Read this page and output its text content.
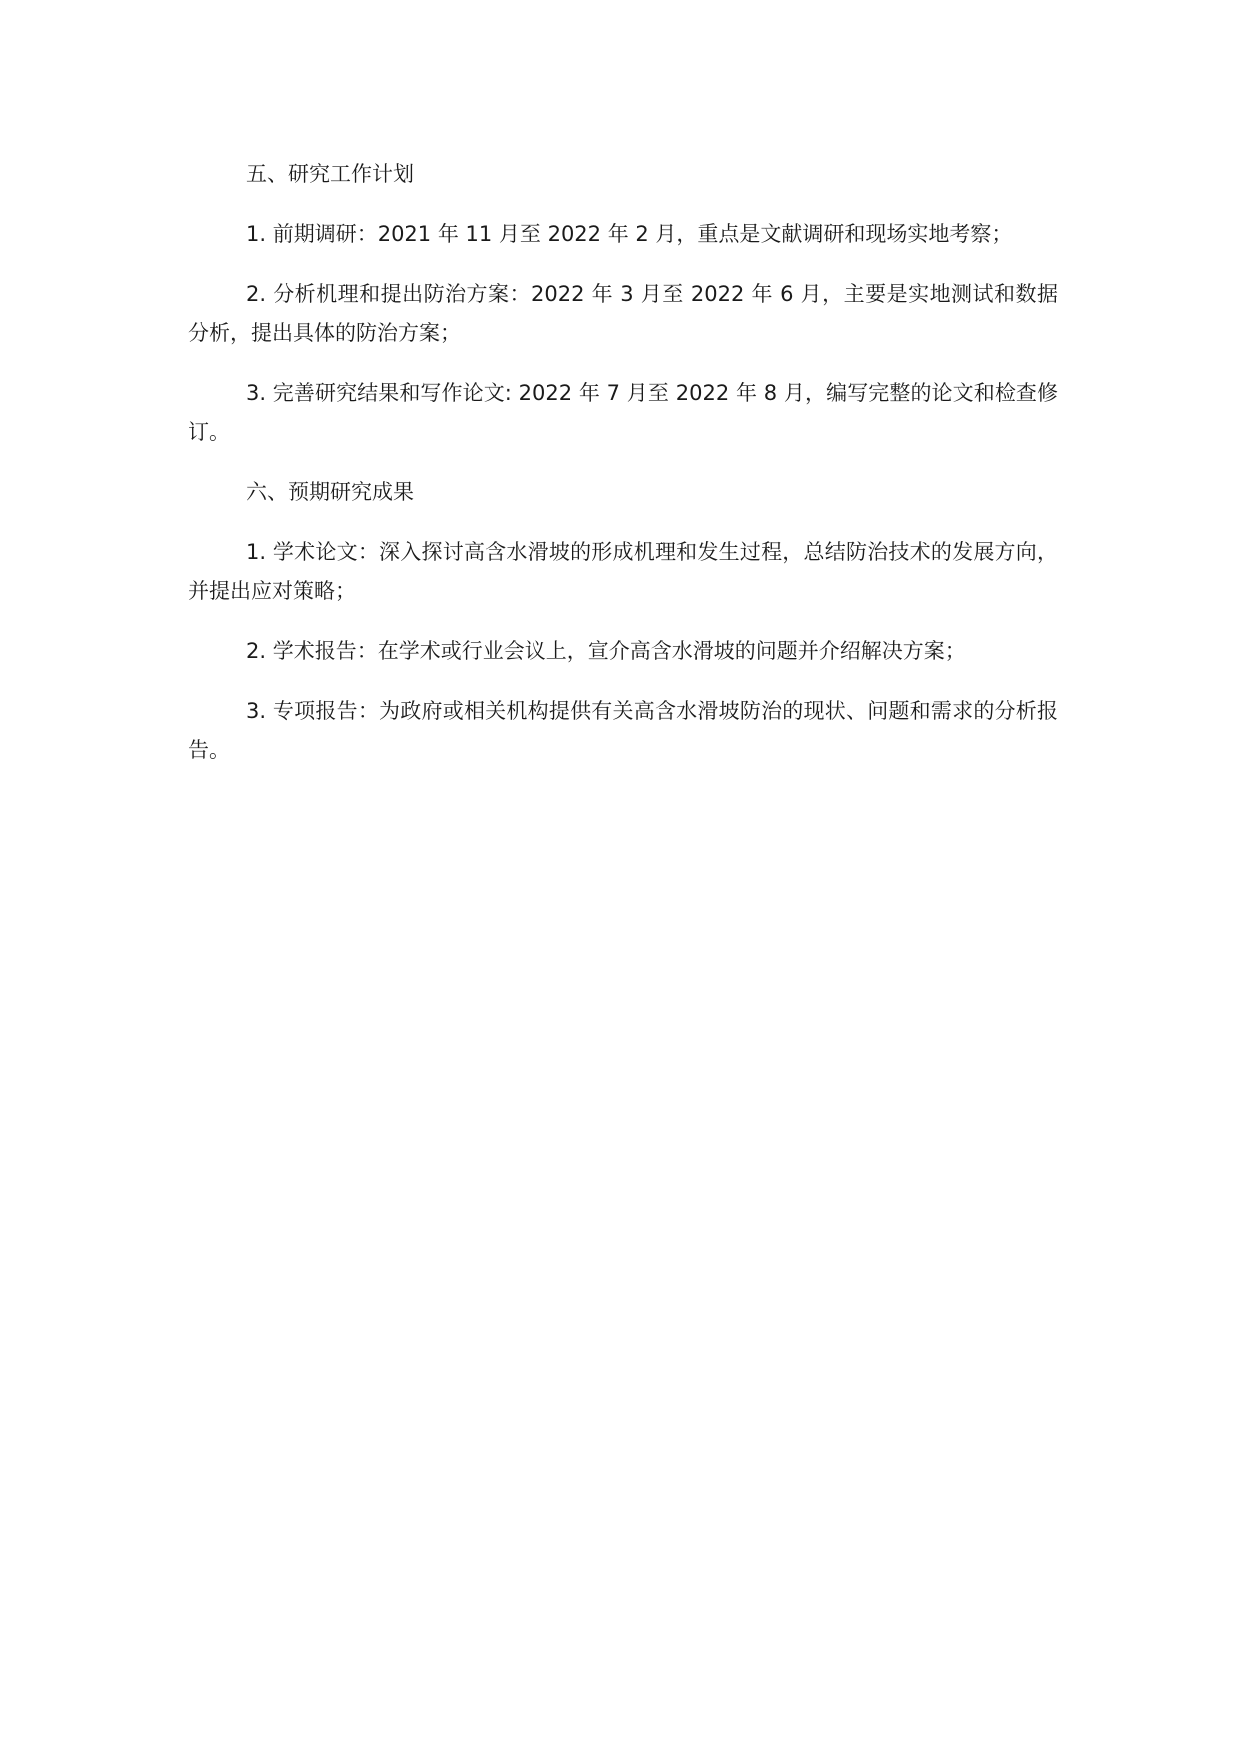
五、研究工作计划

1. 前期调研：2021 年 11 月至 2022 年 2 月，重点是文献调研和现场实地考察；

2. 分析机理和提出防治方案：2022 年 3 月至 2022 年 6 月，主要是实地测试和数据分析，提出具体的防治方案；

3. 完善研究结果和写作论文: 2022 年 7 月至 2022 年 8 月，编写完整的论文和检查修订。

六、预期研究成果

1. 学术论文：深入探讨高含水滑坡的形成机理和发生过程，总结防治技术的发展方向，并提出应对策略；

2. 学术报告：在学术或行业会议上，宣介高含水滑坡的问题并介绍解决方案；

3. 专项报告：为政府或相关机构提供有关高含水滑坡防治的现状、问题和需求的分析报告。
